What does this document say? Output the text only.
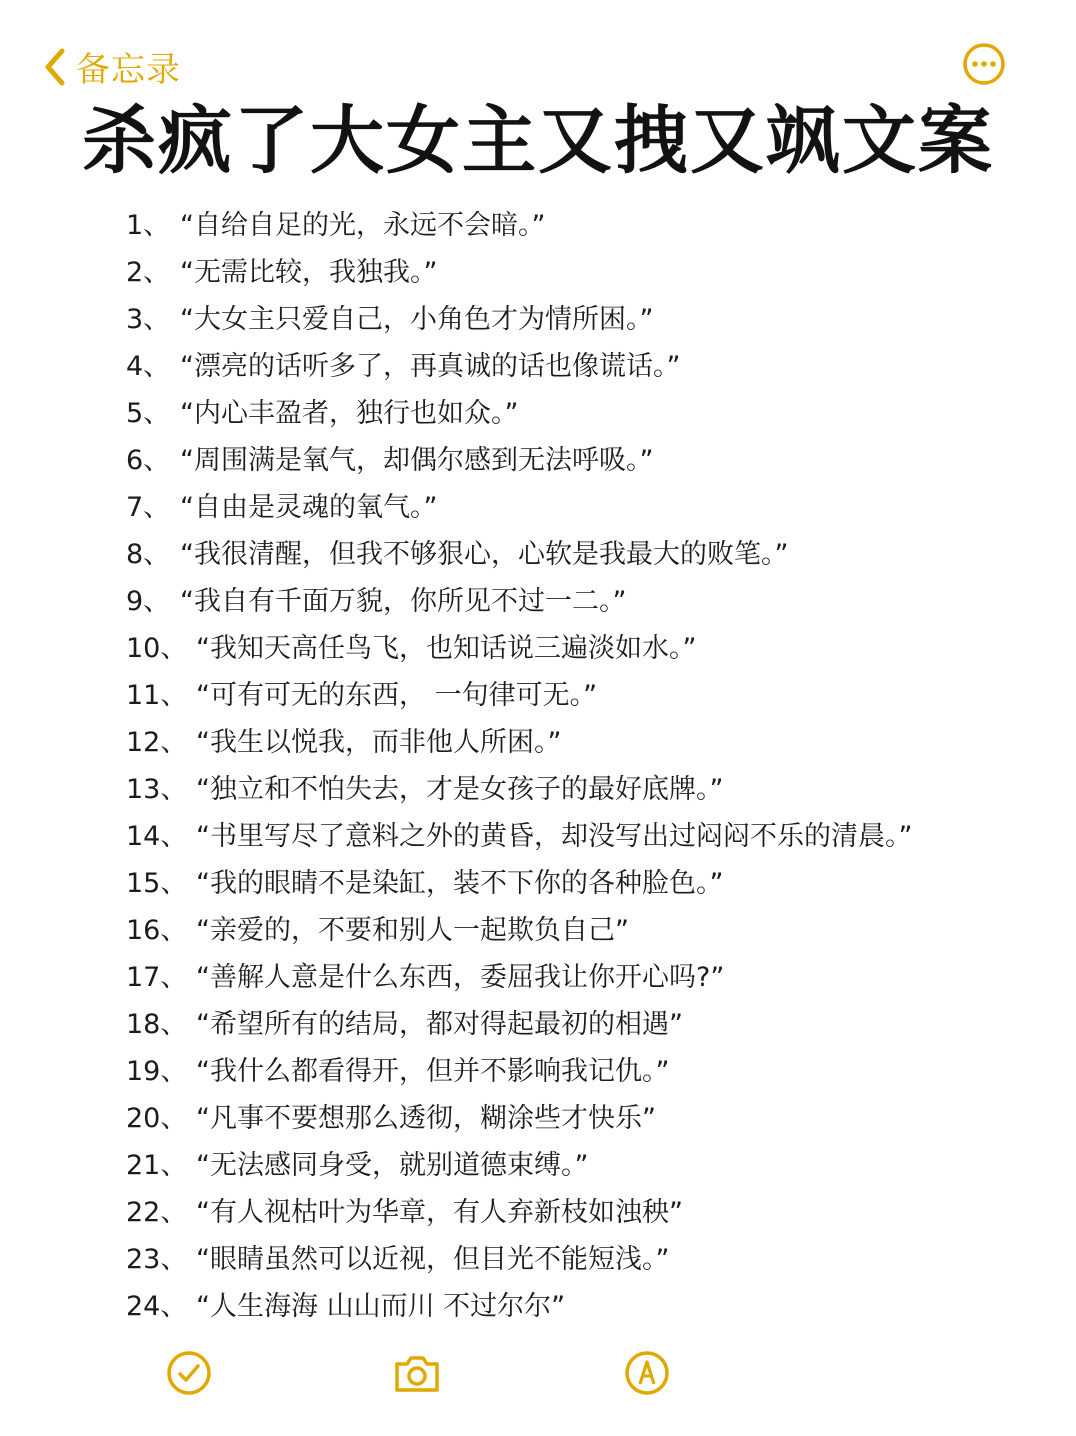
备忘录
杀疯了大女主又拽又飒文案
1、 “自给自足的光，永远不会暗。”
2、 “无需比较，我独我。”
3、 “大女主只爱自己，小角色才为情所困。”
4、 “漂亮的话听多了，再真诚的话也像谎话。”
5、 “内心丰盈者，独行也如众。”
6、 “周围满是氧气，却偶尔感到无法呼吸。”
7、 “自由是灵魂的氧气。”
8、 “我很清醒，但我不够狠心，心软是我最大的败笔。”
9、 “我自有千面万貌，你所见不过一二。”
10、 “我知天高任鸟飞，也知话说三遍淡如水。”
11、 “可有可无的东西， 一句律可无。”
12、 “我生以悦我，而非他人所困。”
13、 “独立和不怕失去，才是女孩子的最好底牌。”
14、 “书里写尽了意料之外的黄昏，却没写出过闷闷不乐的清晨。”
15、 “我的眼睛不是染缸，装不下你的各种脸色。”
16、 “亲爱的，不要和别人一起欺负自己”
17、 “善解人意是什么东西，委屈我让你开心吗?”
18、 “希望所有的结局，都对得起最初的相遇”
19、 “我什么都看得开，但并不影响我记仇。”
20、 “凡事不要想那么透彻，糊涂些才快乐”
21、 “无法感同身受，就别道德束缚。”
22、 “有人视枯叶为华章，有人弃新枝如浊秧”
23、 “眼睛虽然可以近视，但目光不能短浅。”
24、 “人生海海 山山而川 不过尔尔”
